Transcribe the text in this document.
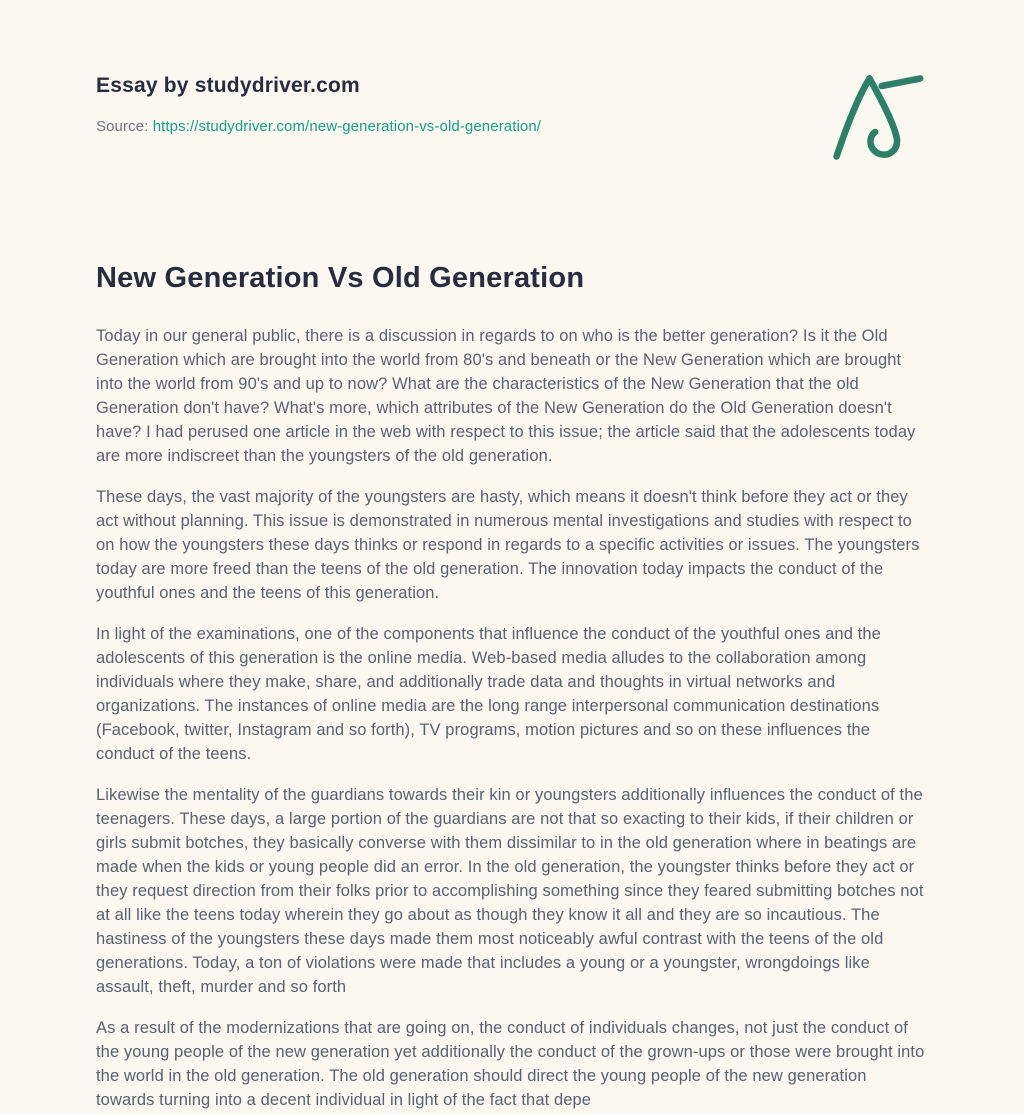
Essay by studydriver.com

Source: https://studydriver.com/new-generation-vs-old-generation/

New Generation Vs Old Generation

Today in our general public, there is a discussion in regards to on who is the better generation? Is it the Old Generation which are brought into the world from 80's and beneath or the New Generation which are brought into the world from 90's and up to now? What are the characteristics of the New Generation that the old Generation don't have? What's more, which attributes of the New Generation do the Old Generation doesn't have? I had perused one article in the web with respect to this issue; the article said that the adolescents today are more indiscreet than the youngsters of the old generation.

These days, the vast majority of the youngsters are hasty, which means it doesn't think before they act or they act without planning. This issue is demonstrated in numerous mental investigations and studies with respect to on how the youngsters these days thinks or respond in regards to a specific activities or issues. The youngsters today are more freed than the teens of the old generation. The innovation today impacts the conduct of the youthful ones and the teens of this generation.

In light of the examinations, one of the components that influence the conduct of the youthful ones and the adolescents of this generation is the online media. Web-based media alludes to the collaboration among individuals where they make, share, and additionally trade data and thoughts in virtual networks and organizations. The instances of online media are the long range interpersonal communication destinations (Facebook, twitter, Instagram and so forth), TV programs, motion pictures and so on these influences the conduct of the teens.

Likewise the mentality of the guardians towards their kin or youngsters additionally influences the conduct of the teenagers. These days, a large portion of the guardians are not that so exacting to their kids, if their children or girls submit botches, they basically converse with them dissimilar to in the old generation where in beatings are made when the kids or young people did an error. In the old generation, the youngster thinks before they act or they request direction from their folks prior to accomplishing something since they feared submitting botches not at all like the teens today wherein they go about as though they know it all and they are so incautious. The hastiness of the youngsters these days made them most noticeably awful contrast with the teens of the old generations. Today, a ton of violations were made that includes a young or a youngster, wrongdoings like assault, theft, murder and so forth

As a result of the modernizations that are going on, the conduct of individuals changes, not just the conduct of the young people of the new generation yet additionally the conduct of the grown-ups or those were brought into the world in the old generation. The old generation should direct the young people of the new generation towards turning into a decent individual in light of the fact that depe
